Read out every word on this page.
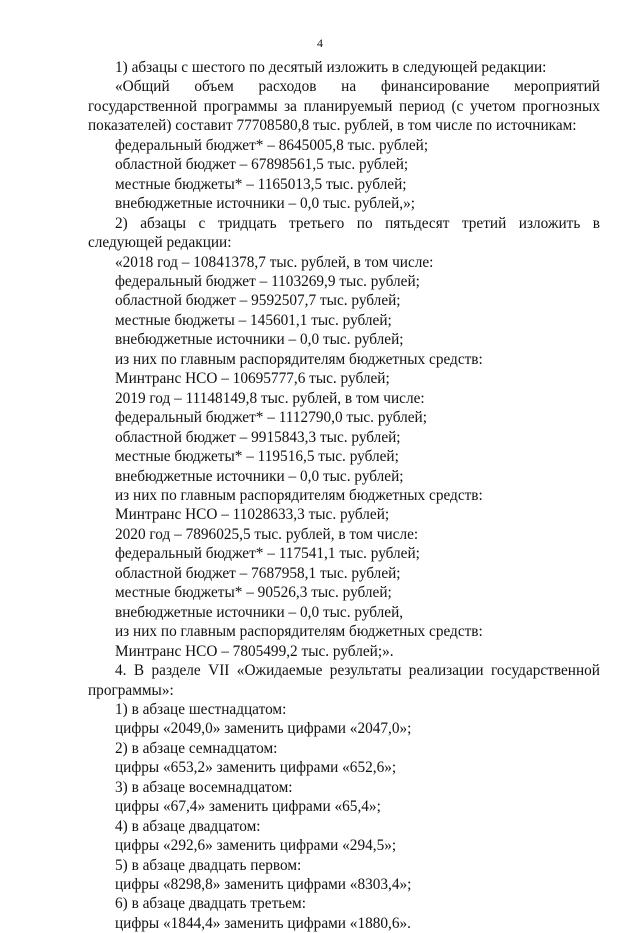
4

1) абзацы с шестого по десятый изложить в следующей редакции:

«Общий объем расходов на финансирование мероприятий государственной программы за планируемый период (с учетом прогнозных показателей) составит 77708580,8 тыс. рублей, в том числе по источникам:

федеральный бюджет* – 8645005,8 тыс. рублей;

областной бюджет – 67898561,5 тыс. рублей;

местные бюджеты* – 1165013,5 тыс. рублей;

внебюджетные источники – 0,0 тыс. рублей,»;

2) абзацы с тридцать третьего по пятьдесят третий изложить в следующей редакции:

«2018 год – 10841378,7 тыс. рублей, в том числе:

федеральный бюджет – 1103269,9 тыс. рублей;

областной бюджет – 9592507,7 тыс. рублей;

местные бюджеты – 145601,1 тыс. рублей;

внебюджетные источники – 0,0 тыс. рублей;

из них по главным распорядителям бюджетных средств:

Минтранс НСО – 10695777,6 тыс. рублей;

2019 год – 11148149,8 тыс. рублей, в том числе:

федеральный бюджет* – 1112790,0 тыс. рублей;

областной бюджет – 9915843,3 тыс. рублей;

местные бюджеты* – 119516,5 тыс. рублей;

внебюджетные источники – 0,0 тыс. рублей;

из них по главным распорядителям бюджетных средств:

Минтранс НСО – 11028633,3 тыс. рублей;

2020 год – 7896025,5 тыс. рублей, в том числе:

федеральный бюджет* – 117541,1 тыс. рублей;

областной бюджет – 7687958,1 тыс. рублей;

местные бюджеты* – 90526,3 тыс. рублей;

внебюджетные источники – 0,0 тыс. рублей,

из них по главным распорядителям бюджетных средств:

Минтранс НСО – 7805499,2 тыс. рублей;».

4. В разделе VII «Ожидаемые результаты реализации государственной программы»:

1) в абзаце шестнадцатом:

цифры «2049,0» заменить цифрами «2047,0»;

2) в абзаце семнадцатом:

цифры «653,2» заменить цифрами «652,6»;

3) в абзаце восемнадцатом:

цифры «67,4» заменить цифрами «65,4»;

4) в абзаце двадцатом:

цифры «292,6» заменить цифрами «294,5»;

5) в абзаце двадцать первом:

цифры «8298,8» заменить цифрами «8303,4»;

6) в абзаце двадцать третьем:

цифры «1844,4» заменить цифрами «1880,6».
